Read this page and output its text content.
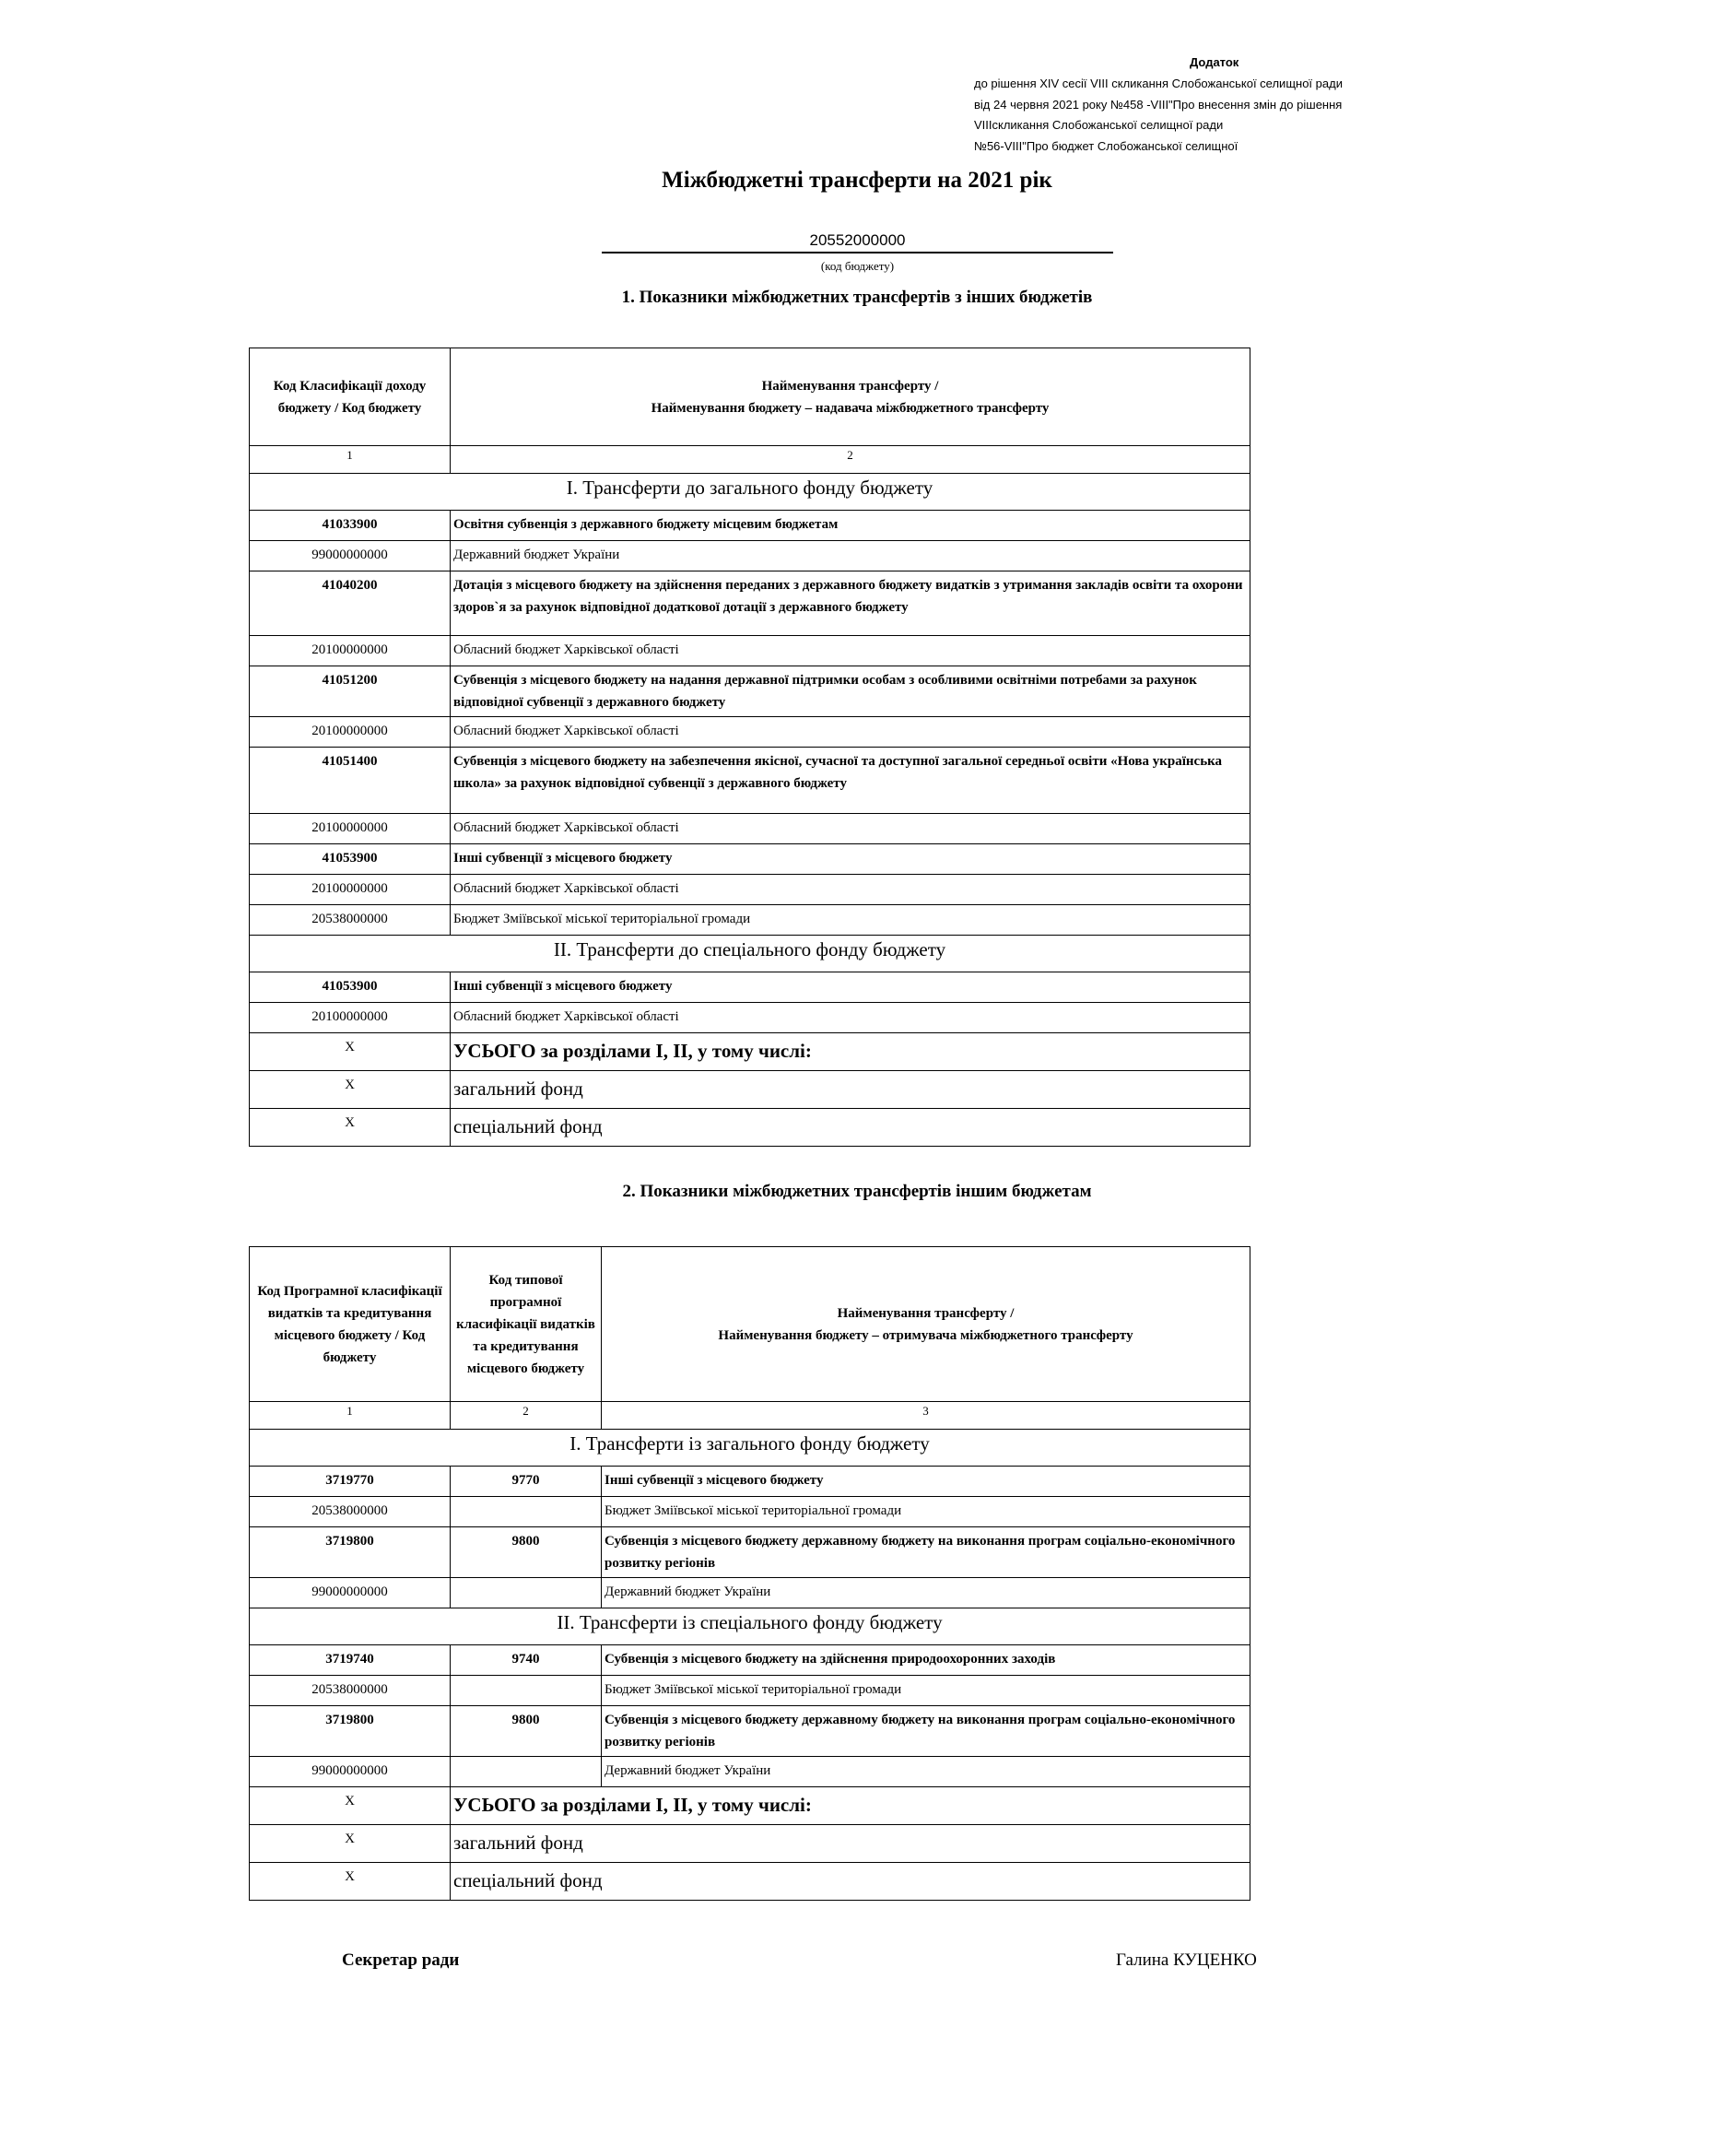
Додаток
до рішення XIV сесії VIII скликання Слобожанської селищної ради
від 24 червня 2021 року №458 -VIII"Про внесення змін до рішення
VIIIскликання Слобожанської селищної ради
№56-VIII"Про бюджет Слобожанської селищної
Міжбюджетні трансферти на 2021 рік
20552000000
(код бюджету)
1. Показники міжбюджетних трансфертів з інших бюджетів
Код Класифікації доходу бюджету / Код бюджету	Найменування трансферту /
Найменування бюджету – надавача міжбюджетного трансферту
1	2
І. Трансферти до загального фонду бюджету	
41033900	Освітня субвенція з державного бюджету місцевим бюджетам
99000000000	Державний бюджет України
41040200	Дотація з місцевого бюджету на здійснення переданих з державного бюджету видатків з утримання закладів освіти та охорони здоров`я за рахунок відповідної додаткової дотації з державного бюджету
20100000000	Обласний бюджет Харківської області
41051200	Субвенція з місцевого бюджету на надання державної підтримки особам з особливими освітніми потребами за рахунок відповідної субвенції з державного бюджету
20100000000	Обласний бюджет Харківської області
41051400	Субвенція з місцевого бюджету на забезпечення якісної, сучасної та доступної загальної середньої освіти «Нова українська школа» за рахунок відповідної субвенції з державного бюджету
20100000000	Обласний бюджет Харківської області
41053900	Інші субвенції з місцевого бюджету
20100000000	Обласний бюджет Харківської області
20538000000	Бюджет Зміївської міської територіальної громади
ІІ. Трансферти до спеціального фонду бюджету	
41053900	Інші субвенції з місцевого бюджету
20100000000	Обласний бюджет Харківської області
X	УСЬОГО за розділами І, ІІ, у тому числі:
X	загальний фонд
X	спеціальний фонд
2. Показники міжбюджетних трансфертів іншим бюджетам
Код Програмної класифікації видатків та кредитування місцевого бюджету / Код бюджету	Код типової програмної класифікації видатків та кредитування місцевого бюджету	Найменування трансферту /
Найменування бюджету – отримувача міжбюджетного трансферту
1	2	3
І. Трансферти із загального фонду бюджету		
3719770	9770	Інші субвенції з місцевого бюджету
20538000000		Бюджет Зміївської міської територіальної громади
3719800	9800	Субвенція з місцевого бюджету державному бюджету на виконання програм соціально-економічного розвитку регіонів
99000000000		Державний бюджет України
ІІ. Трансферти із спеціального фонду бюджету		
3719740	9740	Субвенція з місцевого бюджету на здійснення природоохоронних заходів
20538000000		Бюджет Зміївської міської територіальної громади
3719800	9800	Субвенція з місцевого бюджету державному бюджету на виконання програм соціально-економічного розвитку регіонів
99000000000		Державний бюджет України
X	УСЬОГО за розділами І, ІІ, у тому числі:	
X	загальний фонд	
X	спеціальний фонд	
Секретар ради	Галина КУЦЕНКО
